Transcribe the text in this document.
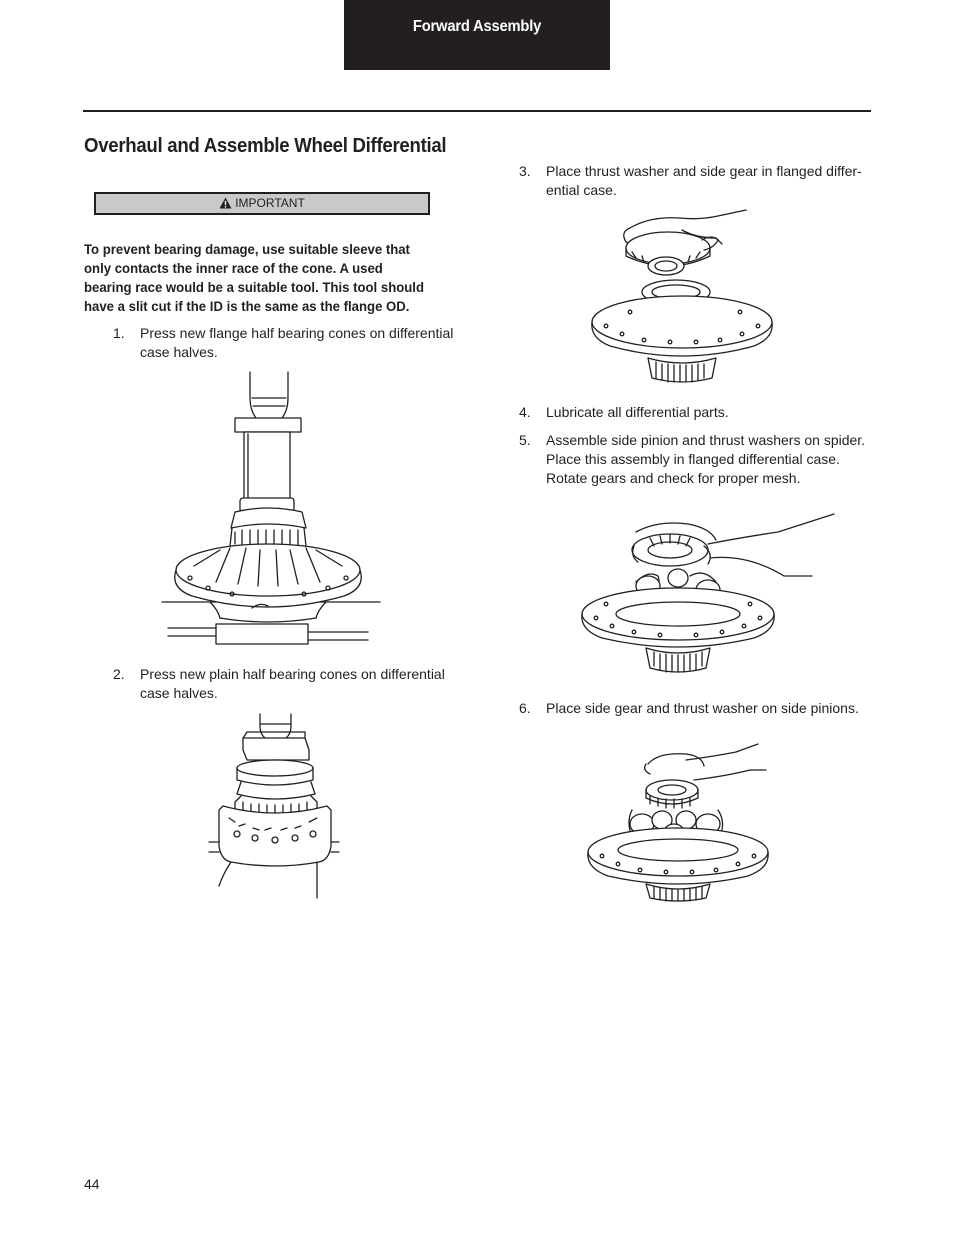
Forward Assembly
Overhaul and Assemble Wheel Differential
IMPORTANT

To prevent bearing damage, use suitable sleeve that only contacts the inner race of the cone. A used bearing race would be a suitable tool. This tool should have a slit cut if the ID is the same as the flange OD.

1. Press new flange half bearing cones on differential
case halves.
2. Press new plain half bearing cones on differential
case halves.
3. Place thrust washer and side gear in flanged differ-
ential case.
4. Lubricate all differential parts.
5. Assemble side pinion and thrust washers on spider.
Place this assembly in flanged differential case.
Rotate gears and check for proper mesh.
6. Place side gear and thrust washer on side pinions.
44
